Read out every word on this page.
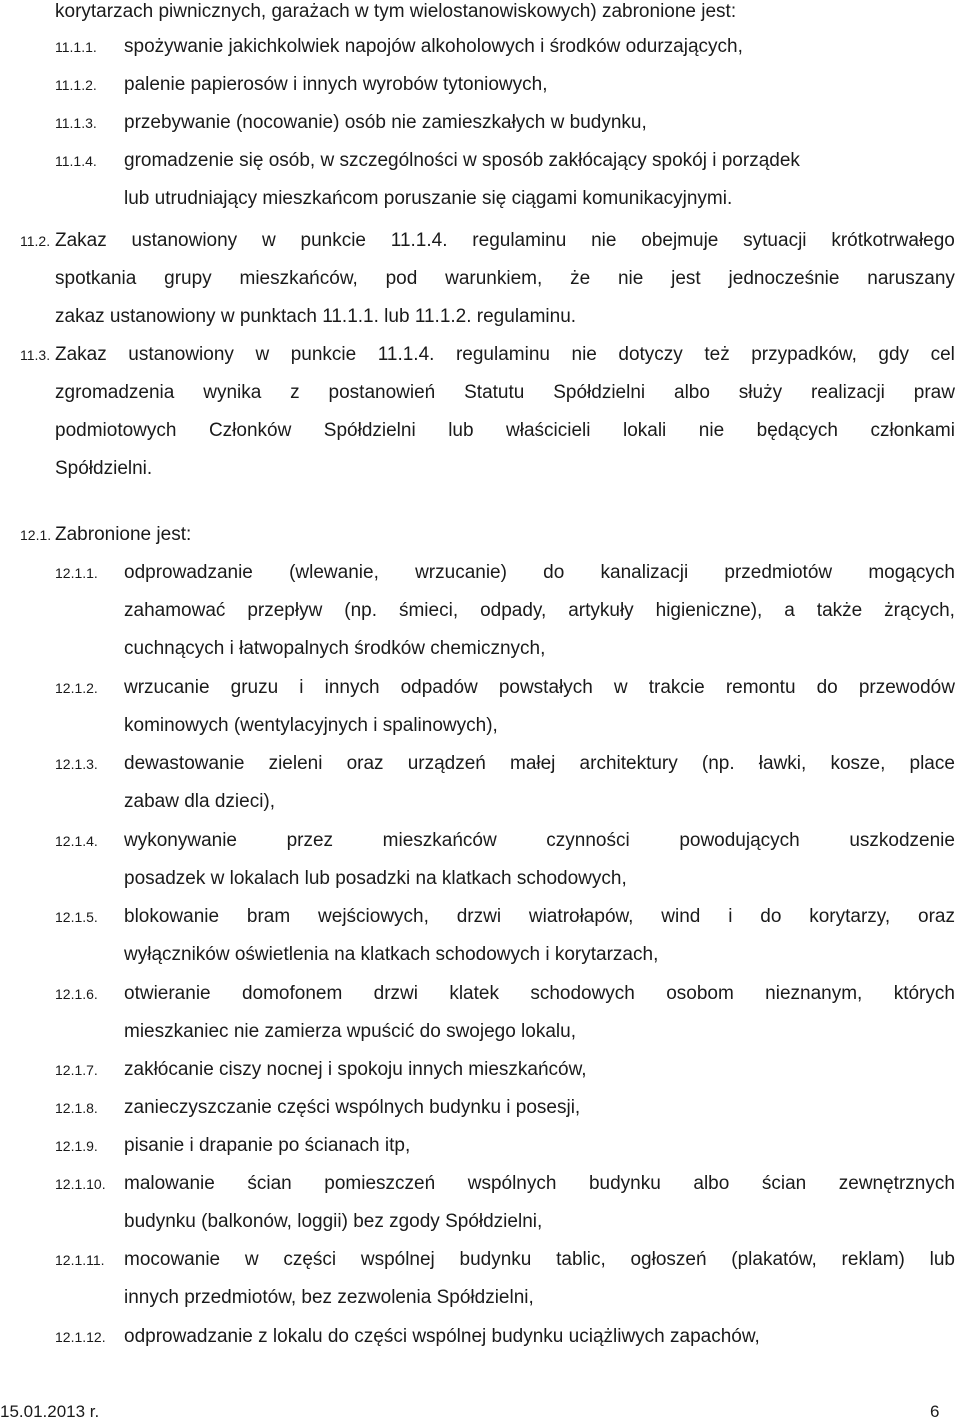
korytarzach piwnicznych, garażach w tym wielostanowiskowych) zabronione jest:
11.1.1. spożywanie jakichkolwiek napojów alkoholowych i środków odurzających,
11.1.2. palenie papierosów i innych wyrobów tytoniowych,
11.1.3. przebywanie (nocowanie) osób nie zamieszkałych w budynku,
11.1.4. gromadzenie się osób, w szczególności w sposób zakłócający spokój i porządek
lub utrudniający mieszkańcom poruszanie się ciągami komunikacyjnymi.
11.2. Zakaz ustanowiony w punkcie 11.1.4. regulaminu nie obejmuje sytuacji krótkotrwałego
spotkania grupy mieszkańców, pod warunkiem, że nie jest jednocześnie naruszany
zakaz ustanowiony w punktach 11.1.1. lub 11.1.2. regulaminu.
11.3. Zakaz ustanowiony w punkcie 11.1.4. regulaminu nie dotyczy też przypadków, gdy cel
zgromadzenia wynika z postanowień Statutu Spółdzielni albo służy realizacji praw
podmiotowych Członków Spółdzielni lub właścicieli lokali nie będących członkami
Spółdzielni.
12.1. Zabronione jest:
12.1.1. odprowadzanie (wlewanie, wrzucanie) do kanalizacji przedmiotów mogących
zahamować przepływ (np. śmieci, odpady, artykuły higieniczne), a także żrących,
cuchnących i łatwopalnych środków chemicznych,
12.1.2. wrzucanie gruzu i innych odpadów powstałych w trakcie remontu do przewodów
kominowych (wentylacyjnych i spalinowych),
12.1.3. dewastowanie zieleni oraz urządzeń małej architektury (np. ławki, kosze, place
zabaw dla dzieci),
12.1.4. wykonywanie	przez	mieszkańców	czynności	powodujących	uszkodzenie
posadzek w lokalach lub posadzki na klatkach schodowych,
12.1.5. blokowanie bram wejściowych, drzwi wiatrołapów, wind i do korytarzy, oraz
wyłączników oświetlenia na klatkach schodowych i korytarzach,
12.1.6. otwieranie domofonem drzwi klatek schodowych osobom nieznanym, których
mieszkaniec nie zamierza wpuścić do swojego lokalu,
12.1.7. zakłócanie ciszy nocnej i spokoju innych mieszkańców,
12.1.8. zanieczyszczanie części wspólnych budynku i posesji,
12.1.9. pisanie i drapanie po ścianach itp,
12.1.10. malowanie ścian pomieszczeń wspólnych budynku albo ścian zewnętrznych
budynku (balkonów, loggii) bez zgody Spółdzielni,
12.1.11. mocowanie w części wspólnej budynku tablic, ogłoszeń (plakatów, reklam) lub
innych przedmiotów, bez zezwolenia Spółdzielni,
12.1.12. odprowadzanie z lokalu do części wspólnej budynku uciążliwych zapachów,
15.01.2013 r.	6
